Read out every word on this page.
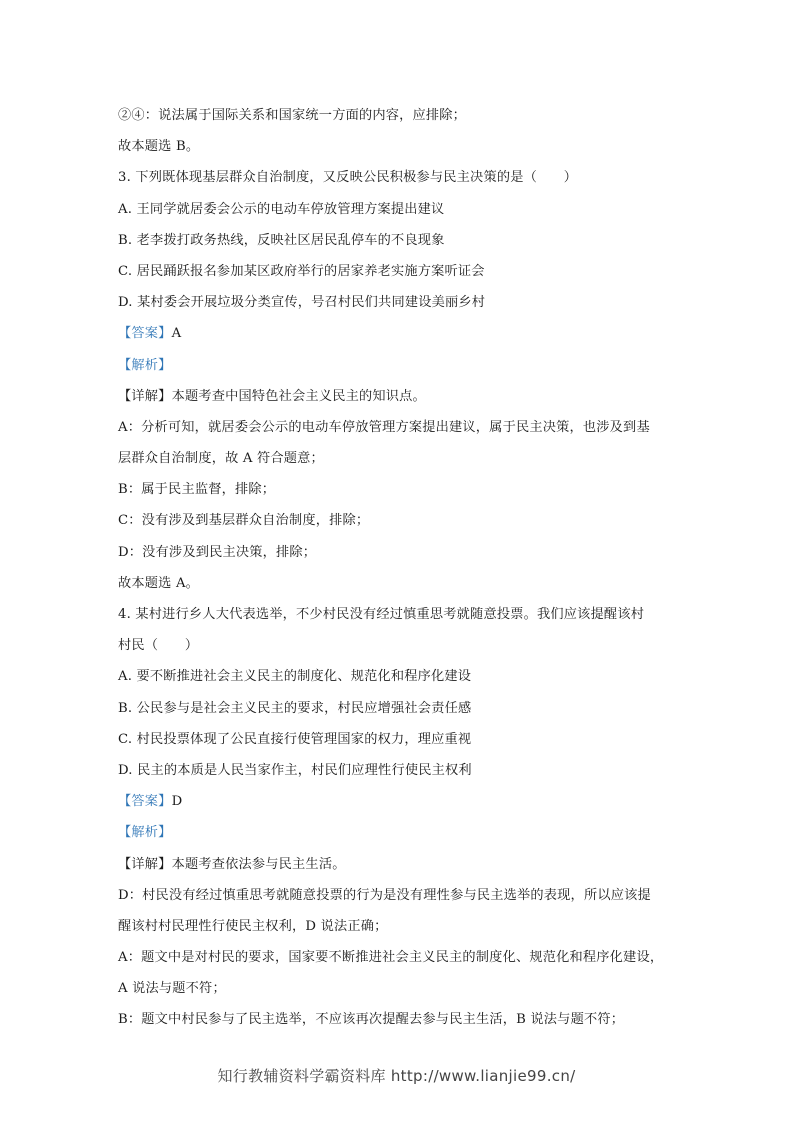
②④：说法属于国际关系和国家统一方面的内容，应排除；
故本题选 B。
3. 下列既体现基层群众自治制度，又反映公民积极参与民主决策的是（　　）
A. 王同学就居委会公示的电动车停放管理方案提出建议
B. 老李拨打政务热线，反映社区居民乱停车的不良现象
C. 居民踊跃报名参加某区政府举行的居家养老实施方案听证会
D. 某村委会开展垃圾分类宣传，号召村民们共同建设美丽乡村
【答案】A
【解析】
【详解】本题考查中国特色社会主义民主的知识点。
A：分析可知，就居委会公示的电动车停放管理方案提出建议，属于民主决策，也涉及到基
层群众自治制度，故 A 符合题意；
B：属于民主监督，排除；
C：没有涉及到基层群众自治制度，排除；
D：没有涉及到民主决策，排除；
故本题选 A。
4. 某村进行乡人大代表选举，不少村民没有经过慎重思考就随意投票。我们应该提醒该村
村民（　　）
A. 要不断推进社会主义民主的制度化、规范化和程序化建设
B. 公民参与是社会主义民主的要求，村民应增强社会责任感
C. 村民投票体现了公民直接行使管理国家的权力，理应重视
D. 民主的本质是人民当家作主，村民们应理性行使民主权利
【答案】D
【解析】
【详解】本题考查依法参与民主生活。
D：村民没有经过慎重思考就随意投票的行为是没有理性参与民主选举的表现，所以应该提
醒该村村民理性行使民主权利，D 说法正确；
A：题文中是对村民的要求，国家要不断推进社会主义民主的制度化、规范化和程序化建设，
A 说法与题不符；
B：题文中村民参与了民主选举，不应该再次提醒去参与民主生活，B 说法与题不符；
知行教辅资料学霸资料库 http://www.lianjie99.cn/
